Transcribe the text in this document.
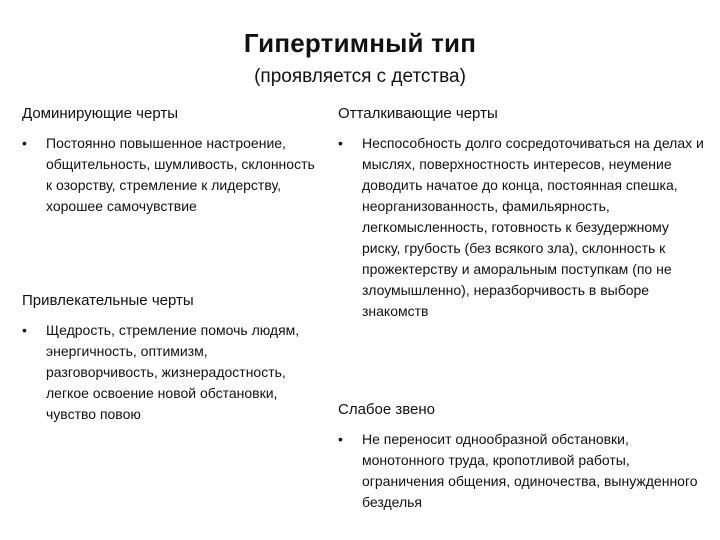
Гипертимный тип
(проявляется с детства)
Доминирующие черты
• Постоянно повышенное настроение, общительность, шумливость, склонность к озорству, стремление к лидерству, хорошее самочувствие
Привлекательные черты
• Щедрость, стремление помочь людям, энергичность, оптимизм, разговорчивость, жизнерадостность, легкое освоение новой обстановки, чувство повою
Отталкивающие черты
• Неспособность долго сосредоточиваться на делах и мыслях, поверхностность интересов, неумение доводить начатое до конца, постоянная спешка, неорганизованность, фамильярность, легкомысленность, готовность к безудержному риску, грубость (без всякого зла), склонность к прожектерству и аморальным поступкам (по не злоумышленно), неразборчивость в выборе знакомств
Слабое звено
• Не переносит однообразной обстановки, монотонного труда, кропотливой работы, ограничения общения, одиночества, вынужденного безделья
